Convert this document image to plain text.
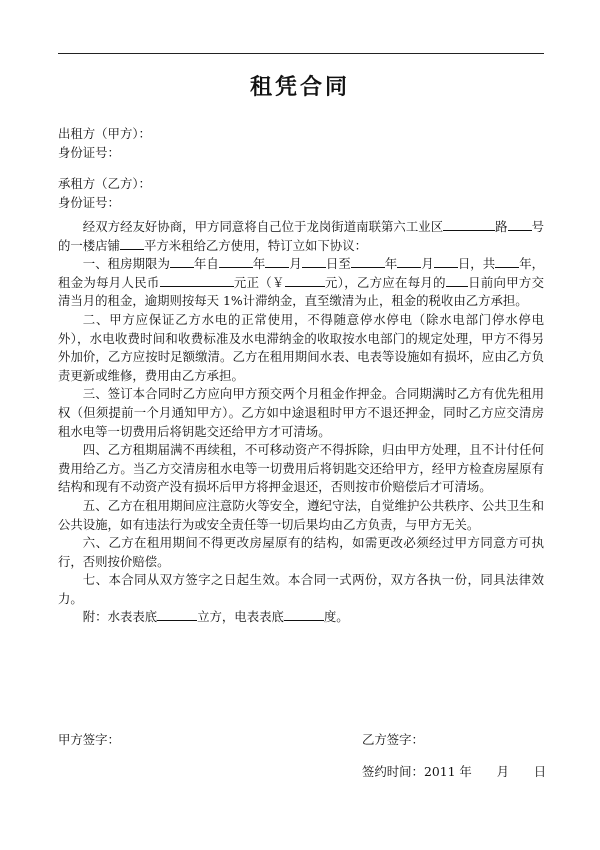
租凭合同
出租方（甲方）：
身份证号：
承租方（乙方）：
身份证号：

经双方经友好协商，甲方同意将自己位于龙岗街道南联第六工业区	路 号的一楼店铺 平方米租给乙方使用，特订立如下协议：

一、租房期限为 年自	年 月 日至	年 月 日，共 年，租金为每月人民币	元正（￥	元），乙方应在每月的 日前向甲方交清当月的租金，逾期则按每天 1%计滞纳金，直至缴清为止，租金的税收由乙方承担。

二、甲方应保证乙方水电的正常使用，不得随意停水停电（除水电部门停水停电外），水电收费时间和收费标准及水电滞纳金的收取按水电部门的规定处理，甲方不得另外加价，乙方应按时足额缴清。乙方在租用期间水表、电表等设施如有损坏，应由乙方负责更新或维修，费用由乙方承担。

三、签订本合同时乙方应向甲方预交两个月租金作押金。合同期满时乙方有优先租用权（但须提前一个月通知甲方）。乙方如中途退租时甲方不退还押金，同时乙方应交清房租水电等一切费用后将钥匙交还给甲方才可清场。

四、乙方租期届满不再续租，不可移动资产不得拆除，归由甲方处理，且不计付任何费用给乙方。当乙方交清房租水电等一切费用后将钥匙交还给甲方，经甲方检查房屋原有结构和现有不动资产没有损坏后甲方将押金退还，否则按市价赔偿后才可清场。

五、乙方在租用期间应注意防火等安全，遵纪守法，自觉维护公共秩序、公共卫生和公共设施，如有违法行为或安全责任等一切后果均由乙方负责，与甲方无关。

六、乙方在租用期间不得更改房屋原有的结构，如需更改必须经过甲方同意方可执行，否则按价赔偿。

七、本合同从双方签字之日起生效。本合同一式两份，双方各执一份，同具法律效力。

附：水表表底	立方，电表表底	度。

甲方签字：	乙方签字：
签约时间：2011 年　　月　　日
